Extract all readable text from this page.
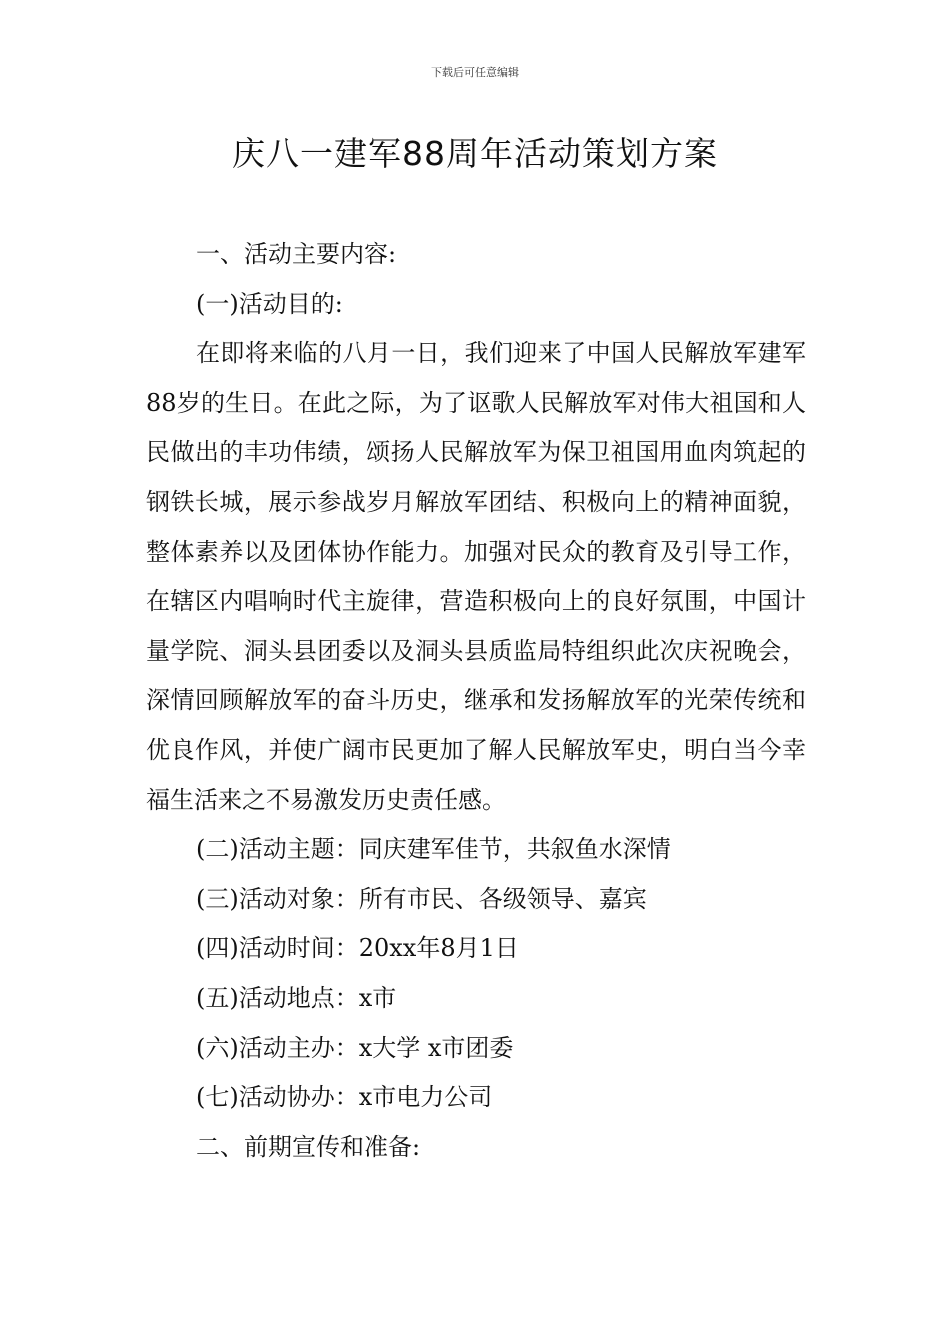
下载后可任意编辑
庆八一建军88周年活动策划方案

一、活动主要内容:

(一)活动目的:

在即将来临的八月一日，我们迎来了中国人民解放军建军88岁的生日。在此之际，为了讴歌人民解放军对伟大祖国和人民做出的丰功伟绩，颂扬人民解放军为保卫祖国用血肉筑起的钢铁长城，展示参战岁月解放军团结、积极向上的精神面貌，整体素养以及团体协作能力。加强对民众的教育及引导工作，在辖区内唱响时代主旋律，营造积极向上的良好氛围，中国计量学院、洞头县团委以及洞头县质监局特组织此次庆祝晚会，深情回顾解放军的奋斗历史，继承和发扬解放军的光荣传统和优良作风，并使广阔市民更加了解人民解放军史，明白当今幸福生活来之不易激发历史责任感。

(二)活动主题：同庆建军佳节，共叙鱼水深情

(三)活动对象：所有市民、各级领导、嘉宾

(四)活动时间：20xx年8月1日

(五)活动地点：x市

(六)活动主办：x大学 x市团委

(七)活动协办：x市电力公司

二、前期宣传和准备:
